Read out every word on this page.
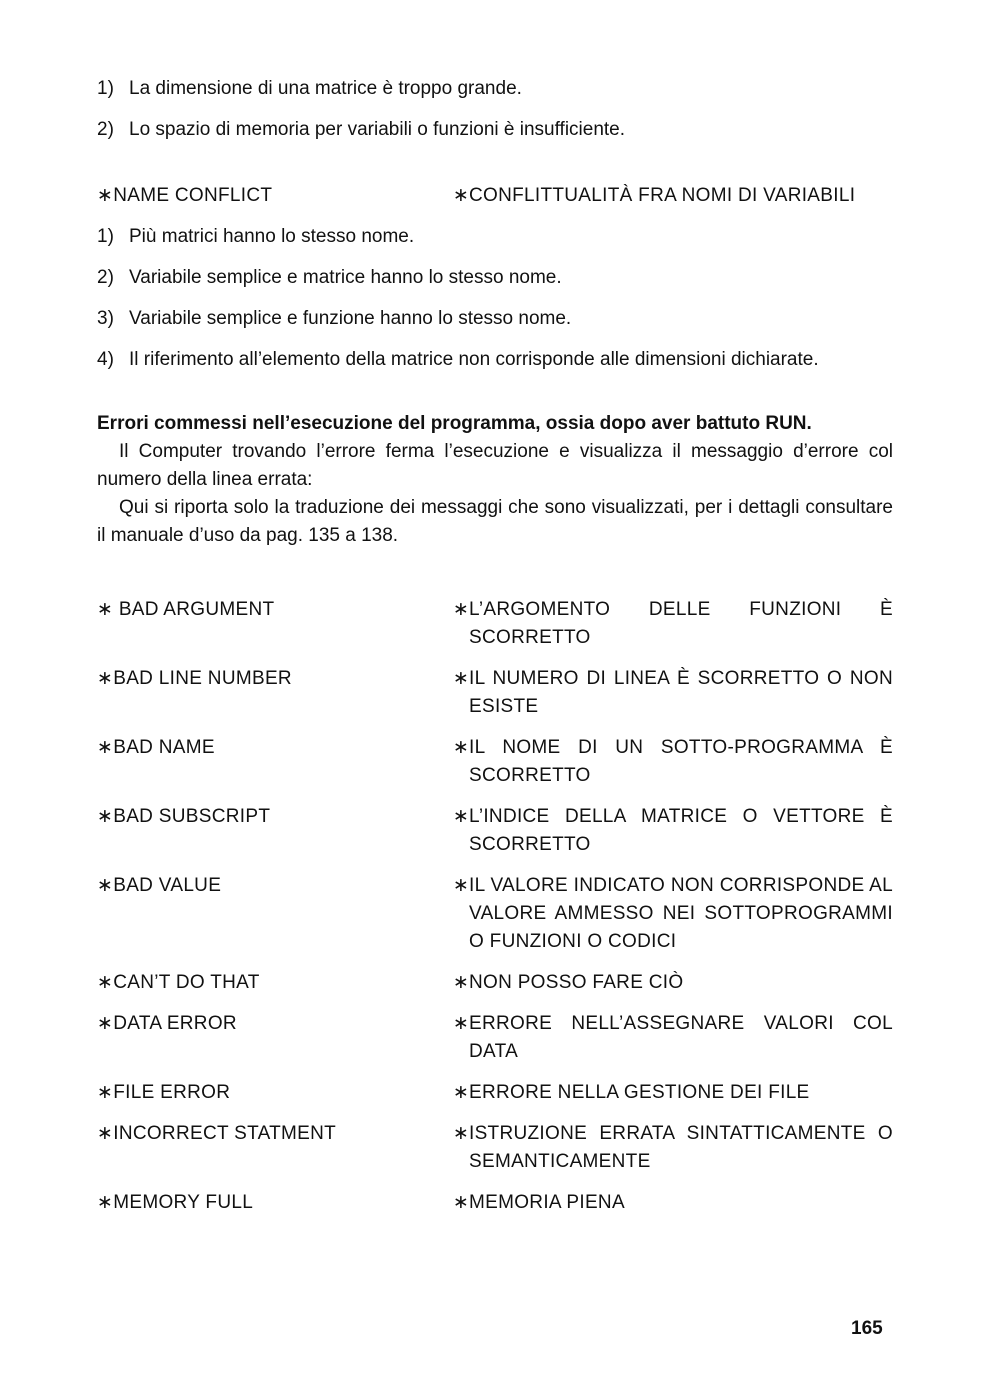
1) La dimensione di una matrice è troppo grande.
2) Lo spazio di memoria per variabili o funzioni è insufficiente.
∗NAME CONFLICT	∗ CONFLITTUALITÀ FRA NOMI DI VARIABILI
1) Più matrici hanno lo stesso nome.
2) Variabile semplice e matrice hanno lo stesso nome.
3) Variabile semplice e funzione hanno lo stesso nome.
4) Il riferimento all’elemento della matrice non corrisponde alle dimensioni dichiarate.
Errori commessi nell’esecuzione del programma, ossia dopo aver battuto RUN.
Il Computer trovando l’errore ferma l’esecuzione e visualizza il messaggio d’errore col numero della linea errata:
Qui si riporta solo la traduzione dei messaggi che sono visualizzati, per i dettagli consultare il manuale d’uso da pag. 135 a 138.
∗ BAD ARGUMENT	∗ L’ARGOMENTO DELLE FUNZIONI È SCORRETTO
∗BAD LINE NUMBER	∗ IL NUMERO DI LINEA È SCORRETTO O NON ESISTE
∗BAD NAME	∗ IL NOME DI UN SOTTO-PROGRAMMA È SCORRETTO
∗BAD SUBSCRIPT	∗ L’INDICE DELLA MATRICE O VETTORE È SCORRETTO
∗BAD VALUE	∗ IL VALORE INDICATO NON CORRISPONDE AL VALORE AMMESSO NEI SOTTOPROGRAMMI O FUNZIONI O CODICI
∗CAN’T DO THAT	∗ NON POSSO FARE CIÒ
∗DATA ERROR	∗ ERRORE NELL’ASSEGNARE VALORI COL DATA
∗FILE ERROR	∗ ERRORE NELLA GESTIONE DEI FILE
∗INCORRECT STATMENT	∗ ISTRUZIONE ERRATA SINTATTICAMENTE O SEMANTICAMENTE
∗MEMORY FULL	∗ MEMORIA PIENA
165
